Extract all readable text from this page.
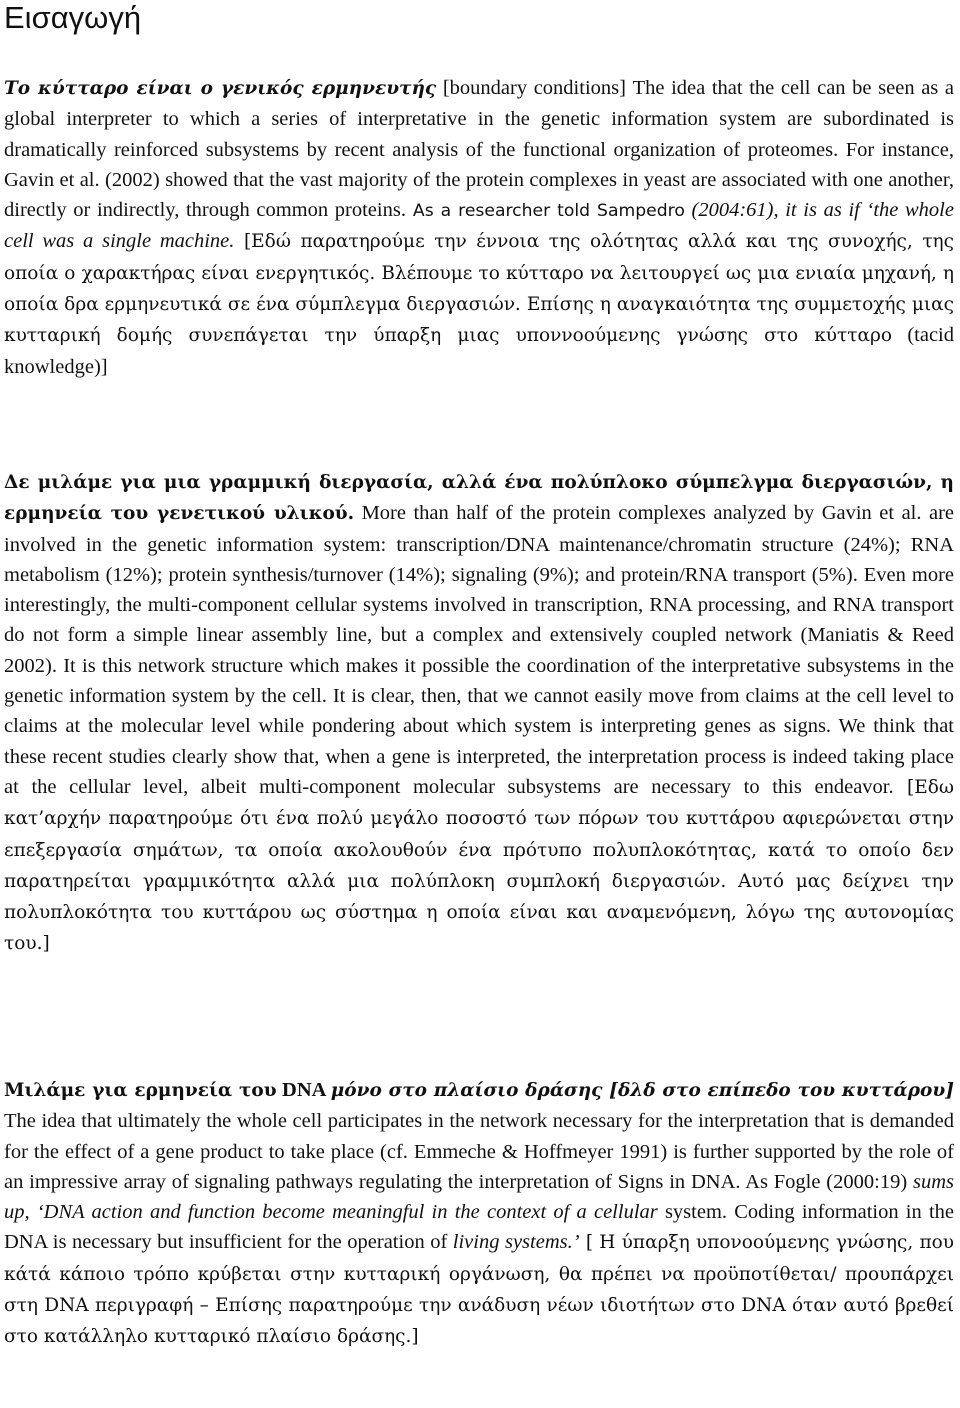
Εισαγωγή

Το κύτταρο είναι ο γενικός ερμηνευτής [boundary conditions] The idea that the cell can be seen as a global interpreter to which a series of interpretative in the genetic information system are subordinated is dramatically reinforced subsystems by recent analysis of the functional organization of proteomes. For instance, Gavin et al. (2002) showed that the vast majority of the protein complexes in yeast are associated with one another, directly or indirectly, through common proteins. As a researcher told Sampedro (2004:61), it is as if ‘the whole cell was a single machine. [Εδώ παρατηρούμε την έννοια της ολότητας αλλά και της συνοχής, της οποία ο χαρακτήρας είναι ενεργητικός. Βλέπουμε το κύτταρο να λειτουργεί ως μια ενιαία μηχανή, η οποία δρα ερμηνευτικά σε ένα σύμπλεγμα διεργασιών. Επίσης η αναγκαιότητα της συμμετοχής μιας κυτταρική δομής συνεπάγεται την ύπαρξη μιας υποννοούμενης γνώσης στο κύτταρο (tacid knowledge)]

Δε μιλάμε για μια γραμμική διεργασία, αλλά ένα πολύπλοκο σύμπελγμα διεργασιών, η ερμηνεία του γενετικού υλικού. More than half of the protein complexes analyzed by Gavin et al. are involved in the genetic information system: transcription/DNA maintenance/chromatin structure (24%); RNA metabolism (12%); protein synthesis/turnover (14%); signaling (9%); and protein/RNA transport (5%). Even more interestingly, the multi-component cellular systems involved in transcription, RNA processing, and RNA transport do not form a simple linear assembly line, but a complex and extensively coupled network (Maniatis & Reed 2002). It is this network structure which makes it possible the coordination of the interpretative subsystems in the genetic information system by the cell. It is clear, then, that we cannot easily move from claims at the cell level to claims at the molecular level while pondering about which system is interpreting genes as signs. We think that these recent studies clearly show that, when a gene is interpreted, the interpretation process is indeed taking place at the cellular level, albeit multi-component molecular subsystems are necessary to this endeavor. [Εδω κατ’αρχήν παρατηρούμε ότι ένα πολύ μεγάλο ποσοστό των πόρων του κυττάρου αφιερώνεται στην επεξεργασία σημάτων, τα οποία ακολουθούν ένα πρότυπο πολυπλοκότητας, κατά το οποίο δεν παρατηρείται γραμμικότητα αλλά μια πολύπλοκη συμπλοκή διεργασιών. Αυτό μας δείχνει την πολυπλοκότητα του κυττάρου ως σύστημα η οποία είναι και αναμενόμενη, λόγω της αυτονομίας του.]

Μιλάμε για ερμηνεία του DNA μόνο στο πλαίσιο δράσης [δλδ στο επίπεδο του κυττάρου] The idea that ultimately the whole cell participates in the network necessary for the interpretation that is demanded for the effect of a gene product to take place (cf. Emmeche & Hoffmeyer 1991) is further supported by the role of an impressive array of signaling pathways regulating the interpretation of Signs in DNA. As Fogle (2000:19) sums up, ‘DNA action and function become meaningful in the context of a cellular system. Coding information in the DNA is necessary but insufficient for the operation of living systems.’ [ Η ύπαρξη υπονοούμενης γνώσης, που κάτά κάποιο τρόπο κρύβεται στην κυτταρική οργάνωση, θα πρέπει να προϋποτίθεται/ προυπάρχει στη DNA περιγραφή – Επίσης παρατηρούμε την ανάδυση νέων ιδιοτήτων στο DNA όταν αυτό βρεθεί στο κατάλληλο κυτταρικό πλαίσιο δράσης.]
